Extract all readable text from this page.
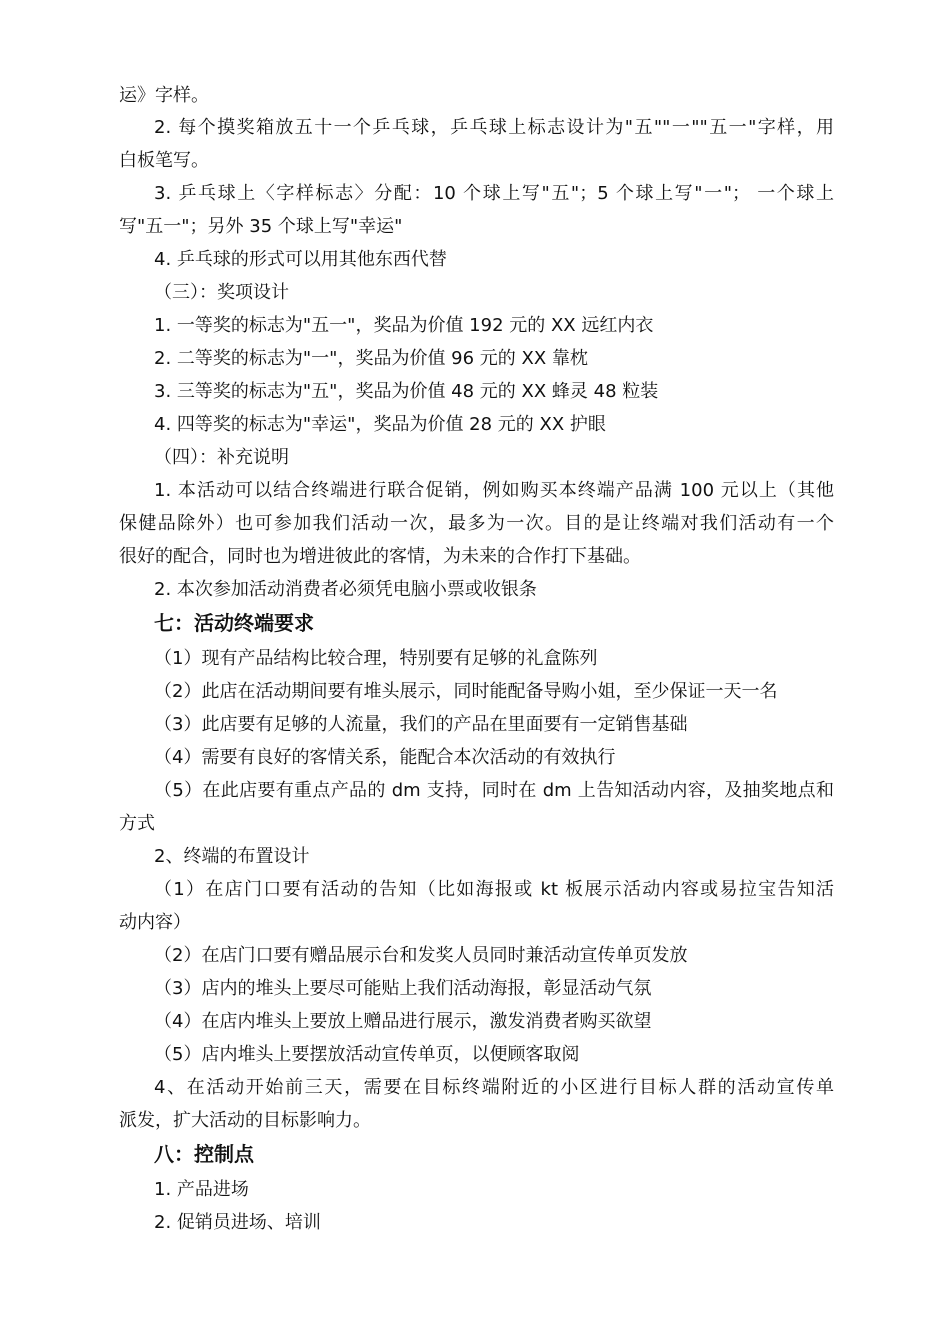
运》字样。
2. 每个摸奖箱放五十一个乒乓球，乒乓球上标志设计为"五""一""五一"字样，用
白板笔写。
3. 乒乓球上〈字样标志〉分配：10 个球上写"五"；5 个球上写"一"； 一个球上
写"五一"；另外 35 个球上写"幸运"
4. 乒乓球的形式可以用其他东西代替
（三）：奖项设计
1. 一等奖的标志为"五一"，奖品为价值 192 元的 XX 远红内衣
2. 二等奖的标志为"一"，奖品为价值 96 元的 XX 靠枕
3. 三等奖的标志为"五"，奖品为价值 48 元的 XX 蜂灵 48 粒装
4. 四等奖的标志为"幸运"，奖品为价值 28 元的 XX 护眼
（四）：补充说明
1. 本活动可以结合终端进行联合促销，例如购买本终端产品满 100 元以上（其他
保健品除外）也可参加我们活动一次，最多为一次。目的是让终端对我们活动有一个
很好的配合，同时也为增进彼此的客情，为未来的合作打下基础。
2. 本次参加活动消费者必须凭电脑小票或收银条
七：活动终端要求
（1）现有产品结构比较合理，特别要有足够的礼盒陈列
（2）此店在活动期间要有堆头展示，同时能配备导购小姐，至少保证一天一名
（3）此店要有足够的人流量，我们的产品在里面要有一定销售基础
（4）需要有良好的客情关系，能配合本次活动的有效执行
（5）在此店要有重点产品的 dm 支持，同时在 dm 上告知活动内容，及抽奖地点和
方式
2、终端的布置设计
（1）在店门口要有活动的告知（比如海报或 kt 板展示活动内容或易拉宝告知活
动内容）
（2）在店门口要有赠品展示台和发奖人员同时兼活动宣传单页发放
（3）店内的堆头上要尽可能贴上我们活动海报，彰显活动气氛
（4）在店内堆头上要放上赠品进行展示，激发消费者购买欲望
（5）店内堆头上要摆放活动宣传单页，以便顾客取阅
4、在活动开始前三天，需要在目标终端附近的小区进行目标人群的活动宣传单
派发，扩大活动的目标影响力。
八：控制点
1. 产品进场
2. 促销员进场、培训
